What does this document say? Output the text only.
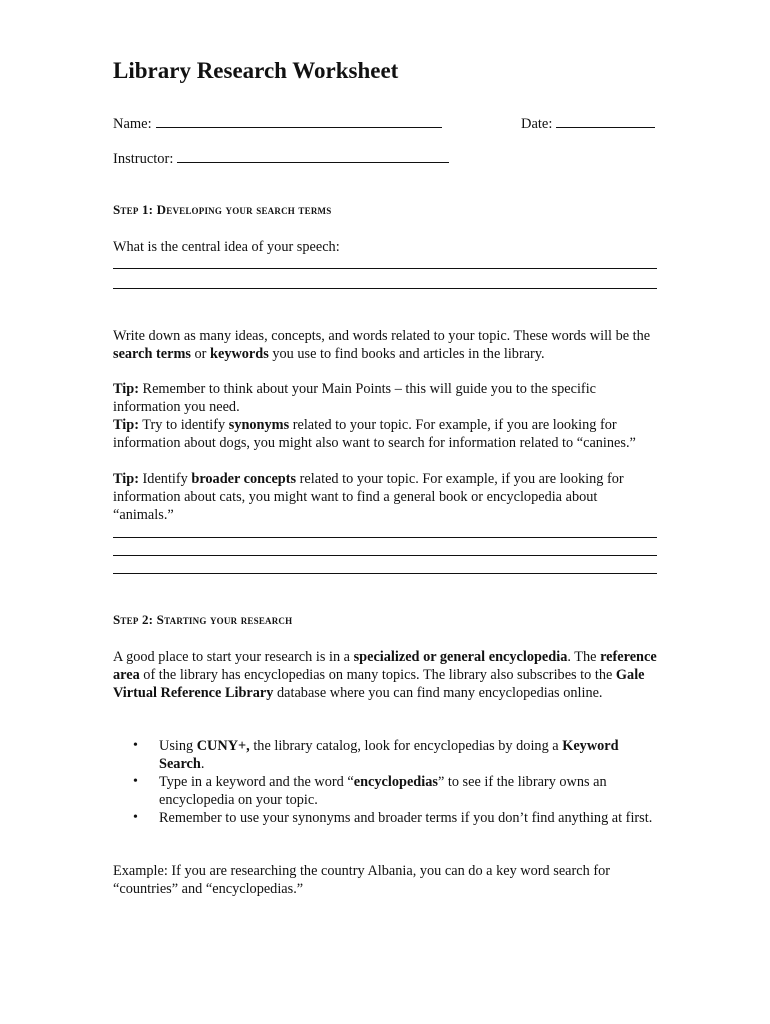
Library Research Worksheet
Name:	Date:
Instructor:
Step 1: Developing your search terms
What is the central idea of your speech:
Write down as many ideas, concepts, and words related to your topic. These words will be the search terms or keywords you use to find books and articles in the library.
Tip: Remember to think about your Main Points – this will guide you to the specific information you need.
Tip: Try to identify synonyms related to your topic. For example, if you are looking for information about dogs, you might also want to search for information related to “canines.”
Tip: Identify broader concepts related to your topic. For example, if you are looking for information about cats, you might want to find a general book or encyclopedia about “animals.”
Step 2: Starting your research
A good place to start your research is in a specialized or general encyclopedia. The reference area of the library has encyclopedias on many topics. The library also subscribes to the Gale Virtual Reference Library database where you can find many encyclopedias online.
• Using CUNY+, the library catalog, look for encyclopedias by doing a Keyword Search.
• Type in a keyword and the word “encyclopedias” to see if the library owns an encyclopedia on your topic.
• Remember to use your synonyms and broader terms if you don’t find anything at first.
Example: If you are researching the country Albania, you can do a key word search for “countries” and “encyclopedias.”
